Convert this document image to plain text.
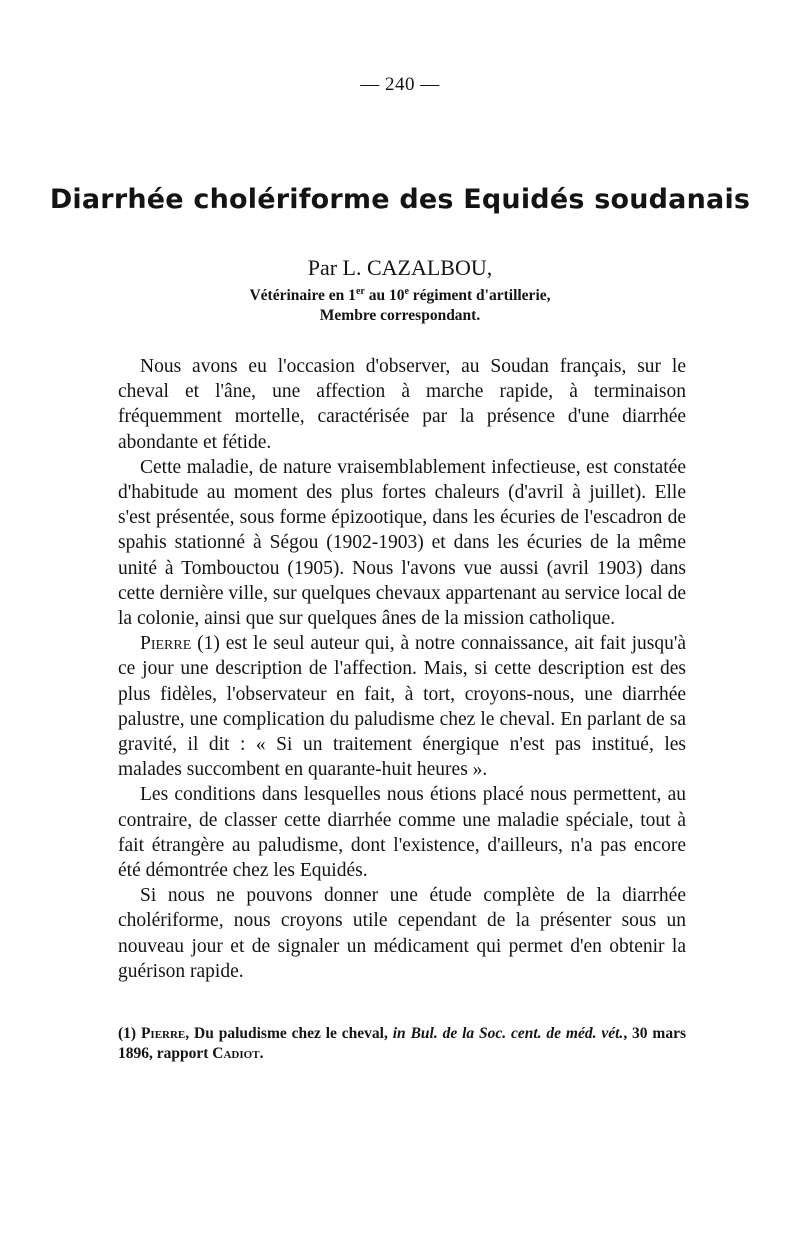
— 240 —
Diarrhée cholériforme des Equidés soudanais
Par L. CAZALBOU,
Vétérinaire en 1er au 10e régiment d'artillerie,
Membre correspondant.

Nous avons eu l'occasion d'observer, au Soudan français, sur le cheval et l'âne, une affection à marche rapide, à terminaison fréquemment mortelle, caractérisée par la présence d'une diarrhée abondante et fétide.

Cette maladie, de nature vraisemblablement infectieuse, est constatée d'habitude au moment des plus fortes chaleurs (d'avril à juillet). Elle s'est présentée, sous forme épizootique, dans les écuries de l'escadron de spahis stationné à Ségou (1902-1903) et dans les écuries de la même unité à Tombouctou (1905). Nous l'avons vue aussi (avril 1903) dans cette dernière ville, sur quelques chevaux appartenant au service local de la colonie, ainsi que sur quelques ânes de la mission catholique.

Pierre (1) est le seul auteur qui, à notre connaissance, ait fait jusqu'à ce jour une description de l'affection. Mais, si cette description est des plus fidèles, l'observateur en fait, à tort, croyons-nous, une diarrhée palustre, une complication du paludisme chez le cheval. En parlant de sa gravité, il dit : « Si un traitement énergique n'est pas institué, les malades succombent en quarante-huit heures ».

Les conditions dans lesquelles nous étions placé nous permettent, au contraire, de classer cette diarrhée comme une maladie spéciale, tout à fait étrangère au paludisme, dont l'existence, d'ailleurs, n'a pas encore été démontrée chez les Equidés.

Si nous ne pouvons donner une étude complète de la diarrhée cholériforme, nous croyons utile cependant de la présenter sous un nouveau jour et de signaler un médicament qui permet d'en obtenir la guérison rapide.

(1) Pierre, Du paludisme chez le cheval, in Bul. de la Soc. cent. de méd. vét., 30 mars 1896, rapport Cadiot.
